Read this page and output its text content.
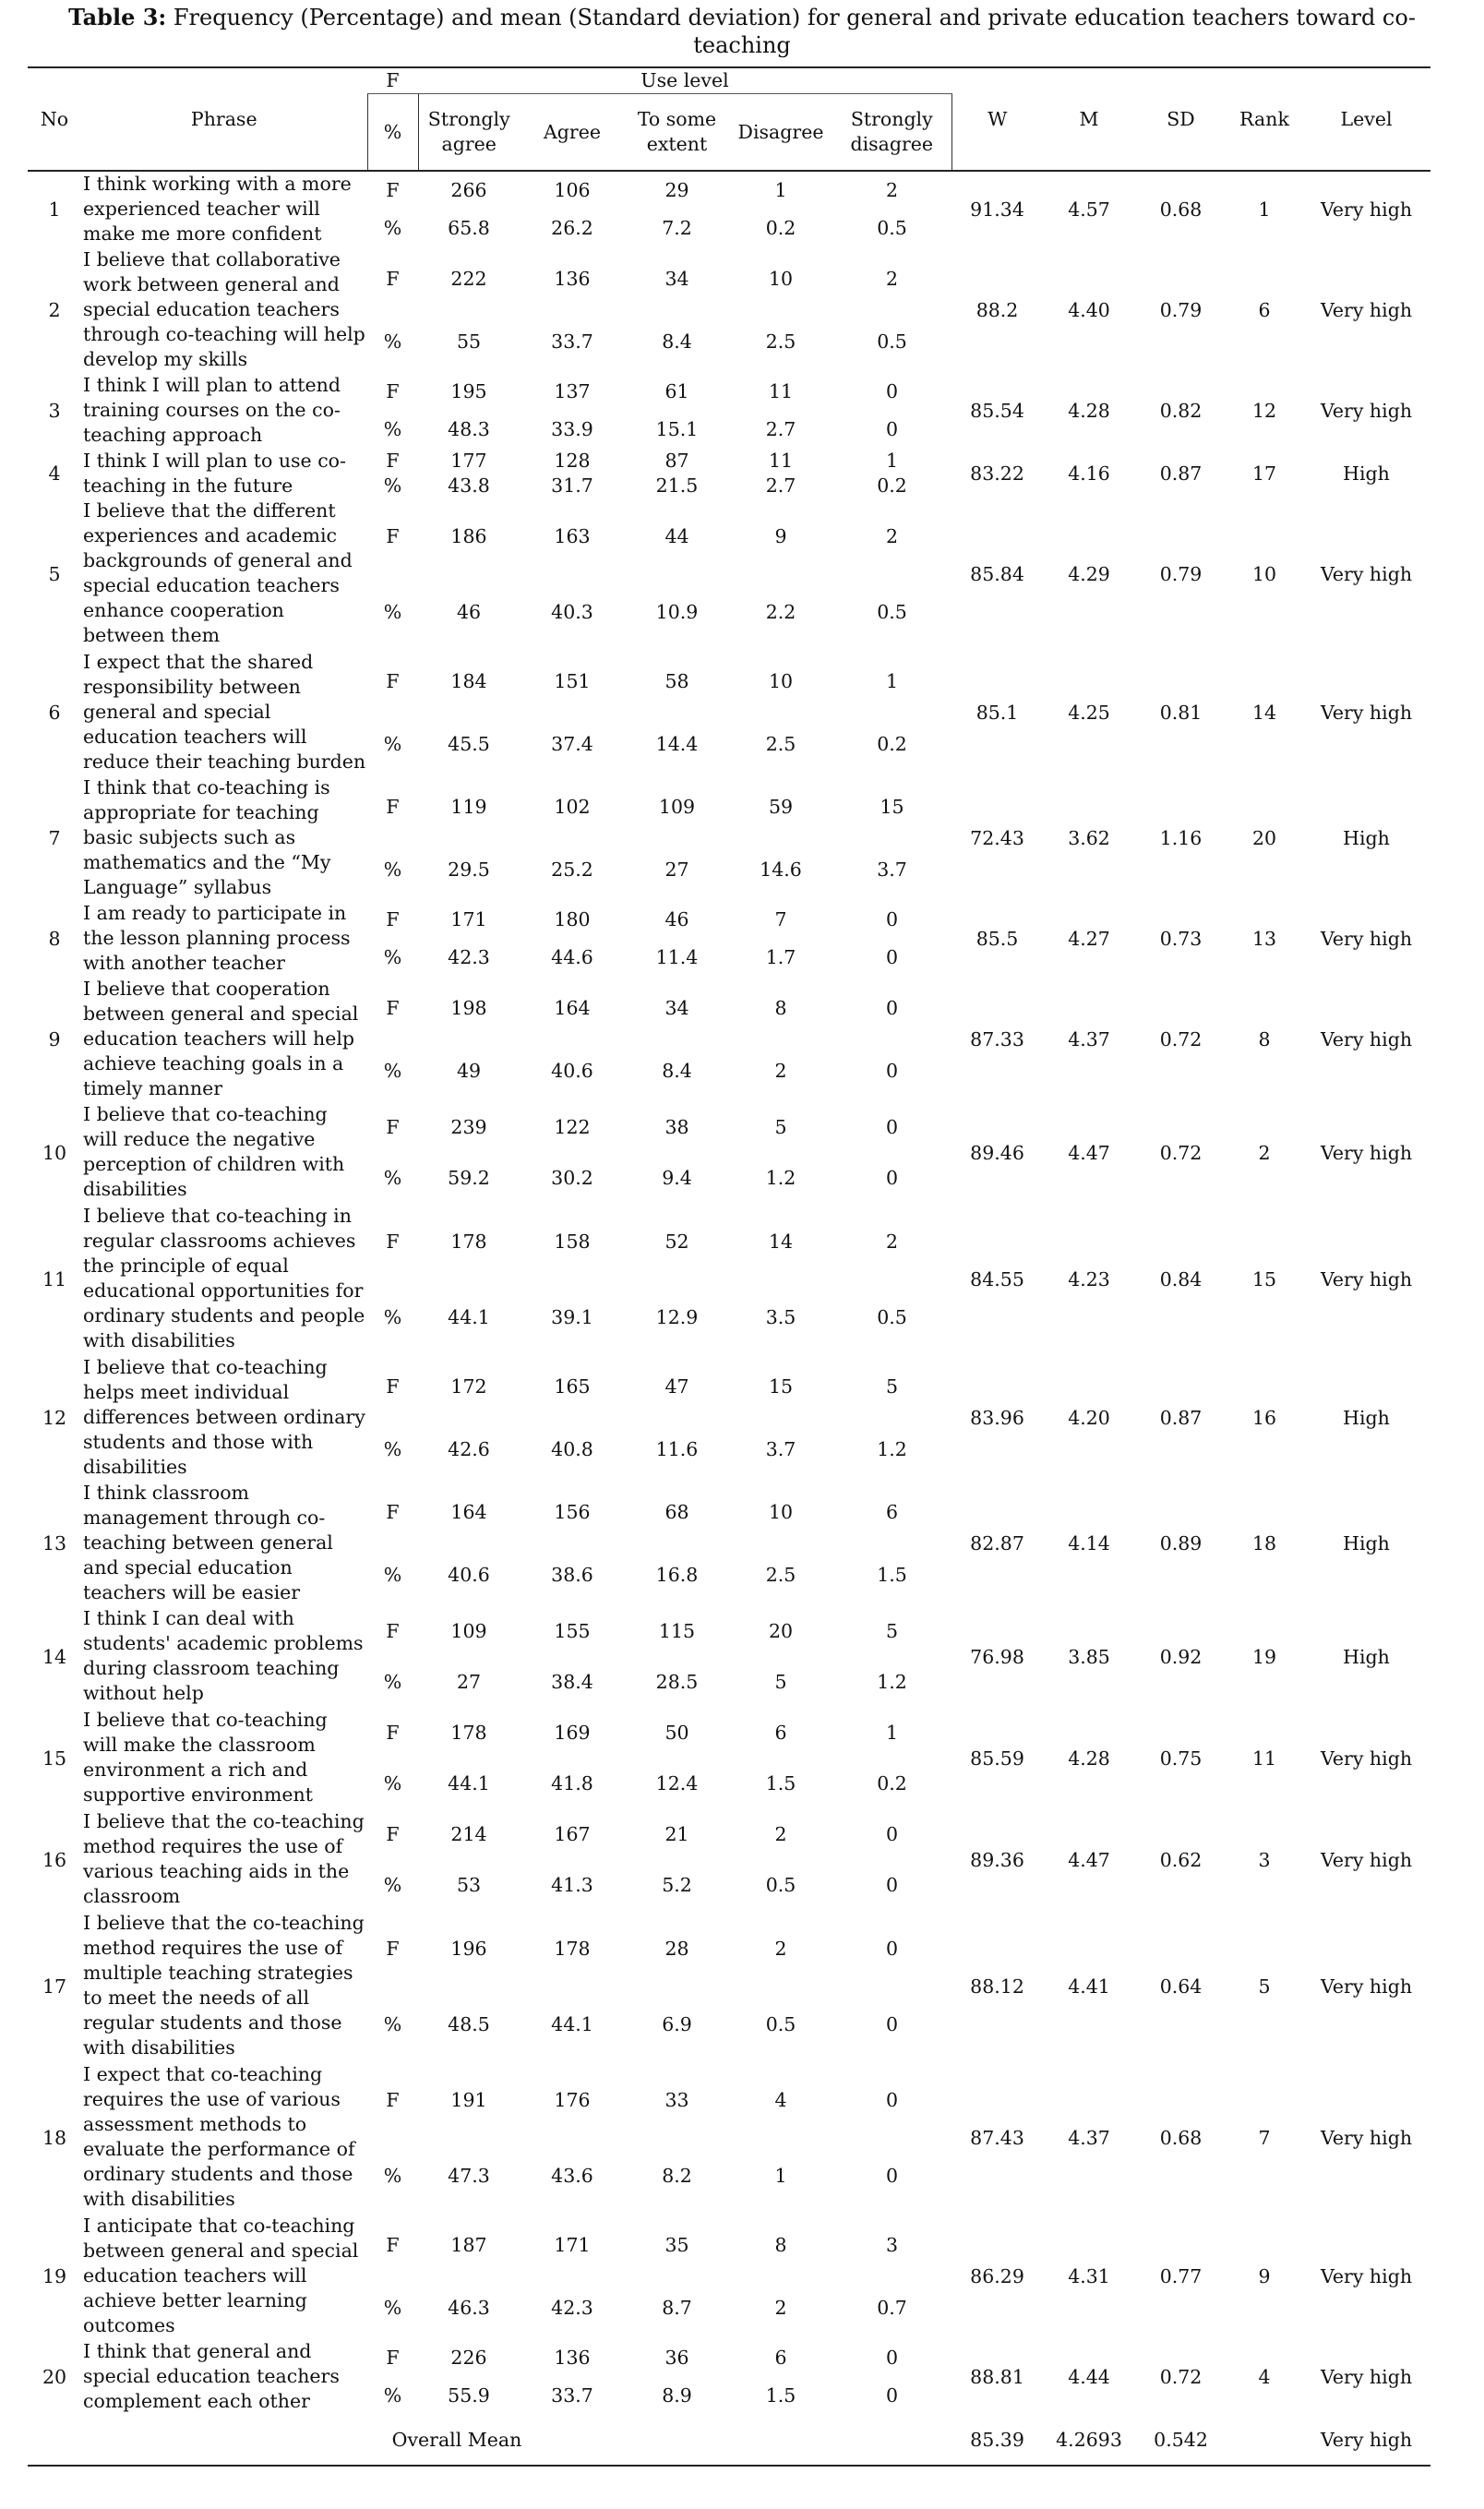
Table 3: Frequency (Percentage) and mean (Standard deviation) for general and private education teachers toward co-
teaching
No	Phrase	F	Use level					W	M	SD	Rank	Level
		%	Strongly agree	Agree	To some extent	Disagree	Strongly disagree					
1	I think working with a more experienced teacher will make me more confident	F	266	106	29	1	2	91.34	4.57	0.68	1	Very high
		%	65.8	26.2	7.2	0.2	0.5					
2	I believe that collaborative work between general and special education teachers through co-teaching will help develop my skills	F	222	136	34	10	2	88.2	4.40	0.79	6	Very high
		%	55	33.7	8.4	2.5	0.5					
3	I think I will plan to attend training courses on the co-teaching approach	F	195	137	61	11	0	85.54	4.28	0.82	12	Very high
		%	48.3	33.9	15.1	2.7	0					
4	I think I will plan to use co-teaching in the future	F	177	128	87	11	1	83.22	4.16	0.87	17	High
		%	43.8	31.7	21.5	2.7	0.2					
5	I believe that the different experiences and academic backgrounds of general and special education teachers enhance cooperation between them	F	186	163	44	9	2	85.84	4.29	0.79	10	Very high
		%	46	40.3	10.9	2.2	0.5					
6	I expect that the shared responsibility between general and special education teachers will reduce their teaching burden	F	184	151	58	10	1	85.1	4.25	0.81	14	Very high
		%	45.5	37.4	14.4	2.5	0.2					
7	I think that co-teaching is appropriate for teaching basic subjects such as mathematics and the “My Language” syllabus	F	119	102	109	59	15	72.43	3.62	1.16	20	High
		%	29.5	25.2	27	14.6	3.7					
8	I am ready to participate in the lesson planning process with another teacher	F	171	180	46	7	0	85.5	4.27	0.73	13	Very high
		%	42.3	44.6	11.4	1.7	0					
9	I believe that cooperation between general and special education teachers will help achieve teaching goals in a timely manner	F	198	164	34	8	0	87.33	4.37	0.72	8	Very high
		%	49	40.6	8.4	2	0					
10	I believe that co-teaching will reduce the negative perception of children with disabilities	F	239	122	38	5	0	89.46	4.47	0.72	2	Very high
		%	59.2	30.2	9.4	1.2	0					
11	I believe that co-teaching in regular classrooms achieves the principle of equal educational opportunities for ordinary students and people with disabilities	F	178	158	52	14	2	84.55	4.23	0.84	15	Very high
		%	44.1	39.1	12.9	3.5	0.5					
12	I believe that co-teaching helps meet individual differences between ordinary students and those with disabilities	F	172	165	47	15	5	83.96	4.20	0.87	16	High
		%	42.6	40.8	11.6	3.7	1.2					
13	I think classroom management through co-teaching between general and special education teachers will be easier	F	164	156	68	10	6	82.87	4.14	0.89	18	High
		%	40.6	38.6	16.8	2.5	1.5					
14	I think I can deal with students' academic problems during classroom teaching without help	F	109	155	115	20	5	76.98	3.85	0.92	19	High
		%	27	38.4	28.5	5	1.2					
15	I believe that co-teaching will make the classroom environment a rich and supportive environment	F	178	169	50	6	1	85.59	4.28	0.75	11	Very high
		%	44.1	41.8	12.4	1.5	0.2					
16	I believe that the co-teaching method requires the use of various teaching aids in the classroom	F	214	167	21	2	0	89.36	4.47	0.62	3	Very high
		%	53	41.3	5.2	0.5	0					
17	I believe that the co-teaching method requires the use of multiple teaching strategies to meet the needs of all regular students and those with disabilities	F	196	178	28	2	0	88.12	4.41	0.64	5	Very high
		%	48.5	44.1	6.9	0.5	0					
18	I expect that co-teaching requires the use of various assessment methods to evaluate the performance of ordinary students and those with disabilities	F	191	176	33	4	0	87.43	4.37	0.68	7	Very high
		%	47.3	43.6	8.2	1	0					
19	I anticipate that co-teaching between general and special education teachers will achieve better learning outcomes	F	187	171	35	8	3	86.29	4.31	0.77	9	Very high
		%	46.3	42.3	8.7	2	0.7					
20	I think that general and special education teachers complement each other	F	226	136	36	6	0	88.81	4.44	0.72	4	Very high
		%	55.9	33.7	8.9	1.5	0					
	Overall Mean							85.39	4.2693	0.542		Very high
